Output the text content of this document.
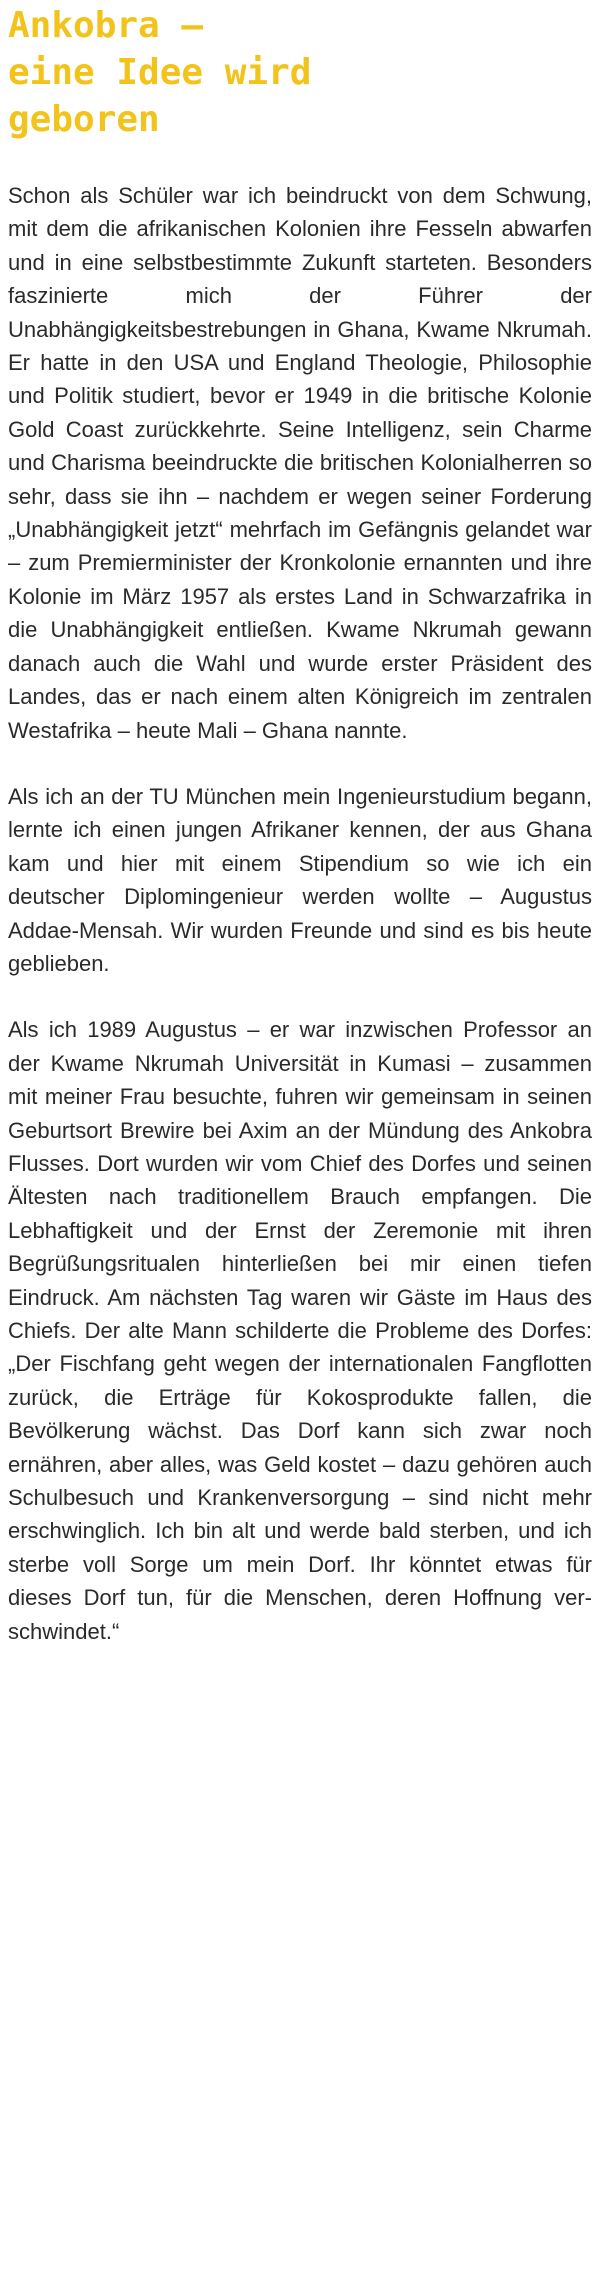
Ankobra –
eine Idee wird
geboren

Schon als Schüler war ich beindruckt von dem Schwung, mit dem die afrikanischen Kolonien ihre Fesseln abwarfen und in eine selbstbestimmte Zukunft starteten. Besonders faszinierte mich der Führer der Unabhängigkeitsbestrebungen in Ghana, Kwame Nkrumah. Er hatte in den USA und England Theologie, Philosophie und Politik studiert, bevor er 1949 in die britische Kolonie Gold Coast zurückkehrte. Seine Intelligenz, sein Charme und Charisma beeindruckte die britischen Kolonialherren so sehr, dass sie ihn – nachdem er wegen seiner Forderung „Unabhängigkeit jetzt“ mehrfach im Gefängnis gelandet war – zum Premierminister der Kronkolonie ernannten und ihre Kolonie im März 1957 als erstes Land in Schwarzafrika in die Unabhängigkeit entließen. Kwame Nkrumah gewann danach auch die Wahl und wurde erster Präsident des Landes, das er nach einem alten Königreich im zentralen Westafrika – heute Mali – Ghana nannte.

Als ich an der TU München mein Ingenieurstudium begann, lernte ich einen jungen Afrikaner kennen, der aus Ghana kam und hier mit einem Stipendium so wie ich ein deutscher Diplomingenieur werden wollte – Augustus Addae-Mensah. Wir wurden Freunde und sind es bis heute geblieben.

Als ich 1989 Augustus – er war inzwischen Professor an der Kwame Nkrumah Universität in Kumasi – zusammen mit meiner Frau besuchte, fuhren wir gemeinsam in seinen Geburtsort Brewire bei Axim an der Mündung des Ankobra Flusses. Dort wurden wir vom Chief des Dorfes und seinen Ältesten nach traditionellem Brauch empfangen. Die Lebhaftigkeit und der Ernst der Zeremonie mit ihren Begrüßungsritualen hinterließen bei mir einen tiefen Eindruck. Am nächsten Tag waren wir Gäste im Haus des Chiefs. Der alte Mann schilderte die Probleme des Dorfes: „Der Fischfang geht wegen der internationalen Fangflotten zurück, die Erträge für Kokosprodukte fallen, die Bevölkerung wächst. Das Dorf kann sich zwar noch ernähren, aber alles, was Geld kostet – dazu gehören auch Schulbesuch und Krankenversorgung – sind nicht mehr erschwinglich. Ich bin alt und werde bald sterben, und ich sterbe voll Sorge um mein Dorf. Ihr könntet etwas für dieses Dorf tun, für die Menschen, deren Hoffnung verschwindet.“
